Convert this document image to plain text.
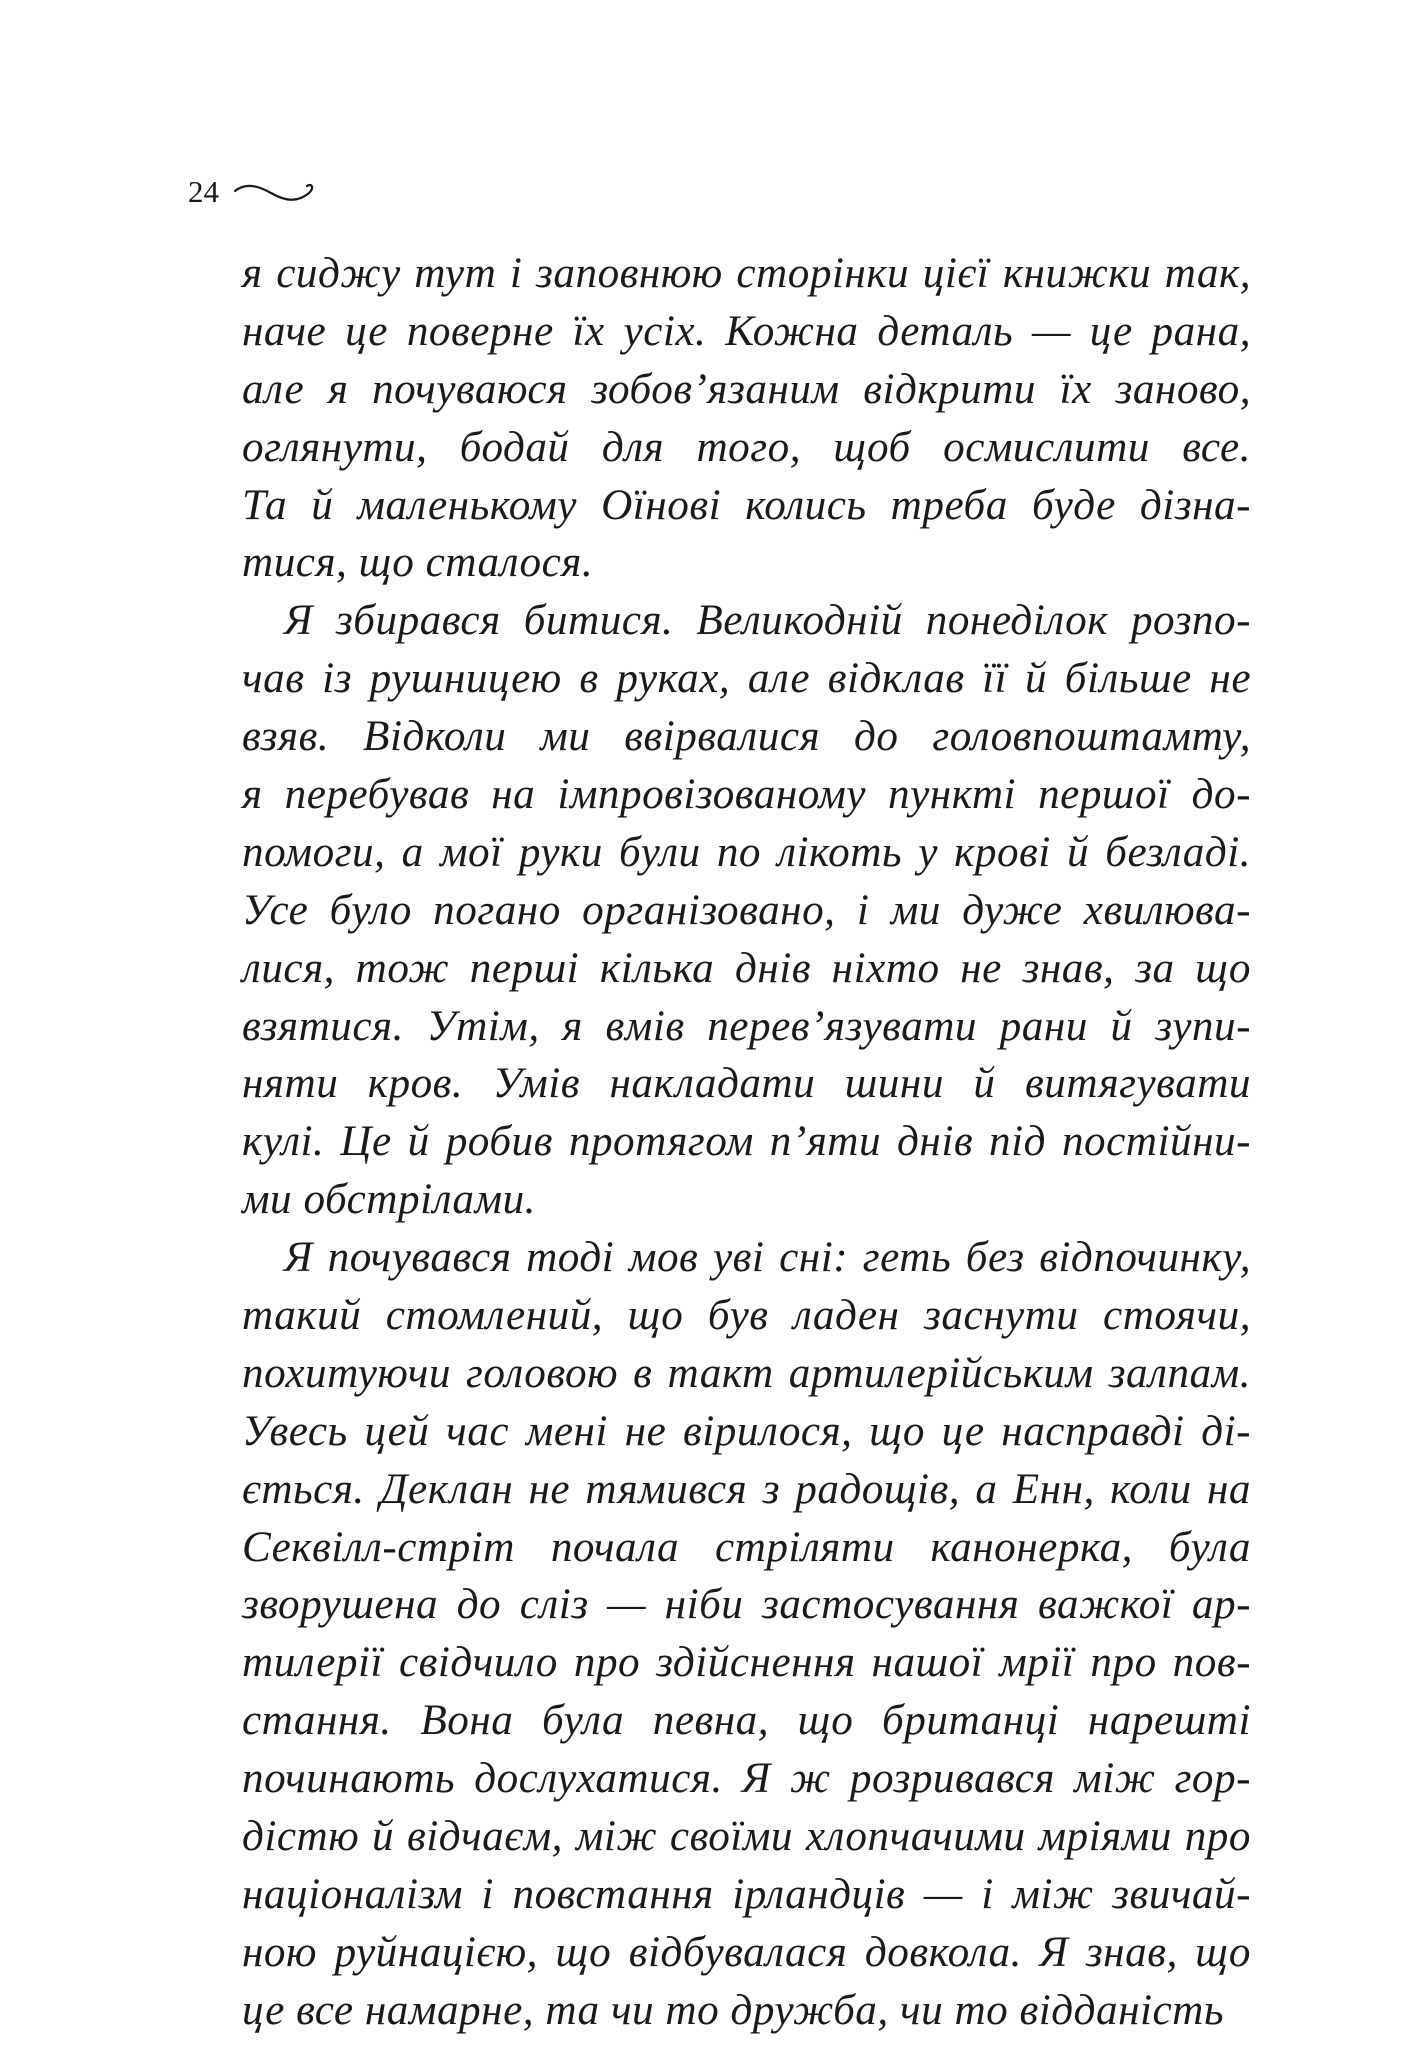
24
я сиджу тут і заповнюю сторінки цієї книжки так,
наче це поверне їх усіх. Кожна деталь — це рана,
але я почуваюся зобов’язаним відкрити їх заново,
оглянути, бодай для того, щоб осмислити все.
Та й маленькому Оїнові колись треба буде дізна-
тися, що сталося.
Я збирався битися. Великодній понеділок розпо-
чав із рушницею в руках, але відклав її й більше не
взяв. Відколи ми ввірвалися до головпоштамту,
я перебував на імпровізованому пункті першої до-
помоги, а мої руки були по лікоть у крові й безладі.
Усе було погано організовано, і ми дуже хвилюва-
лися, тож перші кілька днів ніхто не знав, за що
взятися. Утім, я вмів перев’язувати рани й зупи-
няти кров. Умів накладати шини й витягувати
кулі. Це й робив протягом п’яти днів під постійни-
ми обстрілами.
Я почувався тоді мов уві сні: геть без відпочинку,
такий стомлений, що був ладен заснути стоячи,
похитуючи головою в такт артилерійським залпам.
Увесь цей час мені не вірилося, що це насправді ді-
ється. Деклан не тямився з радощів, а Енн, коли на
Секвілл-стріт почала стріляти канонерка, була
зворушена до сліз — ніби застосування важкої ар-
тилерії свідчило про здійснення нашої мрії про пов-
стання. Вона була певна, що британці нарешті
починають дослухатися. Я ж розривався між гор-
дістю й відчаєм, між своїми хлопчачими мріями про
націоналізм і повстання ірландців — і між звичай-
ною руйнацією, що відбувалася довкола. Я знав, що
це все намарне, та чи то дружба, чи то відданість
